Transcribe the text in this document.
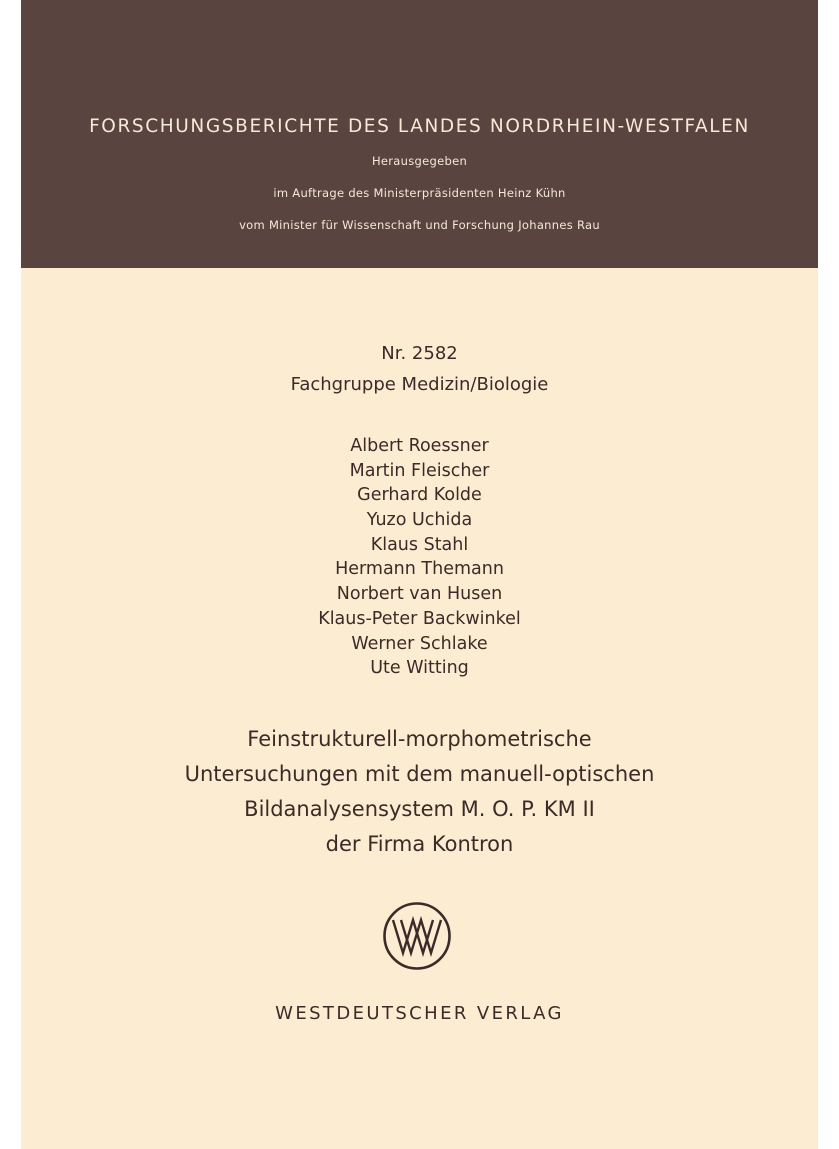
FORSCHUNGSBERICHTE DES LANDES NORDRHEIN-WESTFALEN
Herausgegeben
im Auftrage des Ministerpräsidenten Heinz Kühn
vom Minister für Wissenschaft und Forschung Johannes Rau
Nr. 2582
Fachgruppe Medizin/Biologie
Albert Roessner
Martin Fleischer
Gerhard Kolde
Yuzo Uchida
Klaus Stahl
Hermann Themann
Norbert van Husen
Klaus-Peter Backwinkel
Werner Schlake
Ute Witting
Feinstrukturell-morphometrische
Untersuchungen mit dem manuell-optischen
Bildanalysensystem M. O. P. KM II
der Firma Kontron
WESTDEUTSCHER VERLAG
